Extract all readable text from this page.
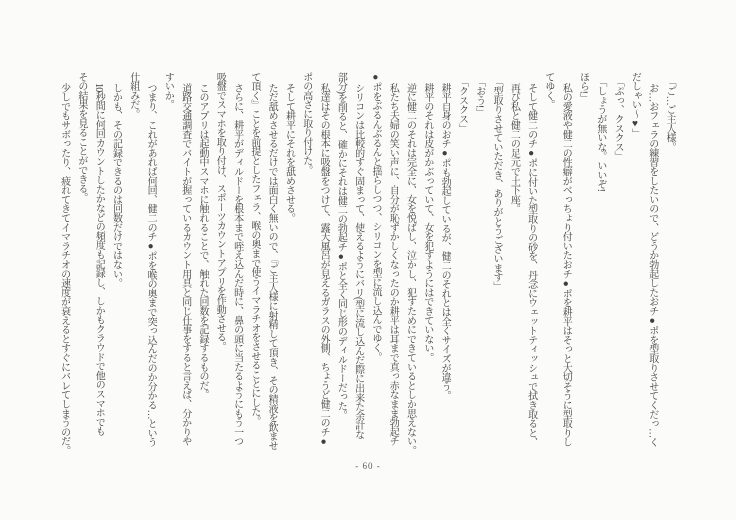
「ご…ご主人様。
お…おフェラの練習をしたいので、どうか勃起したおチ●ポを型取りさせてくだっ…く
だしゃい〜♥」
「ぷっ、クスクス」
「しょうが無いな。いいぞ!
ほら!」
私の愛液や健二の性癖がべっちょり付いたおチ●ポを耕平はそっと大切そうに型取りし
てゆく。
そして健二のチ●ポに付いた型取りの砂を、丹念にウェットティッシュで拭き取ると、
再び私と健二の足元で土下座。
「型取りさせていただき、ありがとうございます」
「おう!」
「クスクス」
耕平自身のおチ●ポも勃起しているが、健二のそれとは全くサイズが違う。
耕平のそれは皮がかぶっていて、女を犯すようにはできていない。
逆に健二のそれは完全に、女を悦ばし、泣かし、犯すためにできているとしか思えない。
私たち夫婦の笑い声に、自分が恥ずかしくなったのか耕平は耳まで真っ赤なまま勃起チ
●ポをぶるんぶるんと揺らしつつ、シリコンを型に流し込んでゆく。
シリコンは比較的すぐ固まって、使えるようにバリ(型に流し込んだ際に出来た余計な
部分)を削ると、確かにそれは健二の勃起チ●ポと全く同じ形のディルドーだった。
私達はその根本に吸盤をつけて、露天風呂が見えるガラスの外側、ちょうど健二のチ●
ポの高さに取り付けた。
そして耕平にそれを舐めさせる。
ただ舐めさせるだけでは面白く無いので、『ご主人様に射精して頂き、その精液を飲ませ
て頂く』ことを前提としたフェラ、喉の奥まで使うイマラチオをさせることにした。
さらに、耕平がディルドーを根本まで咥え込んだ時に、鼻の頭に当たるようにもう一つ
吸盤でスマホを取り付け、スポーツカウントアプリを作動させる。
このアプリは起動中スマホに触れることで、触れた回数を記録するものだ。
道路交通調査でバイトが握っているカウント用具と同じ仕事をすると言えば、分かりや
すいか。
つまり、これがあれば何回、健二のチ●ポを喉の奥まで突っ込んだのか分かる…という
仕組みだ。
しかも、その記録できるのは回数だけではない。
10秒間に何回カウントしたかなどの頻度も記録し、しかもクラウドで他のスマホでも
その結果を見ることができる。
少しでもサボったり、疲れてきてイマラチオの速度が衰えるとすぐにバレてしまうのだ。
- 60 -
